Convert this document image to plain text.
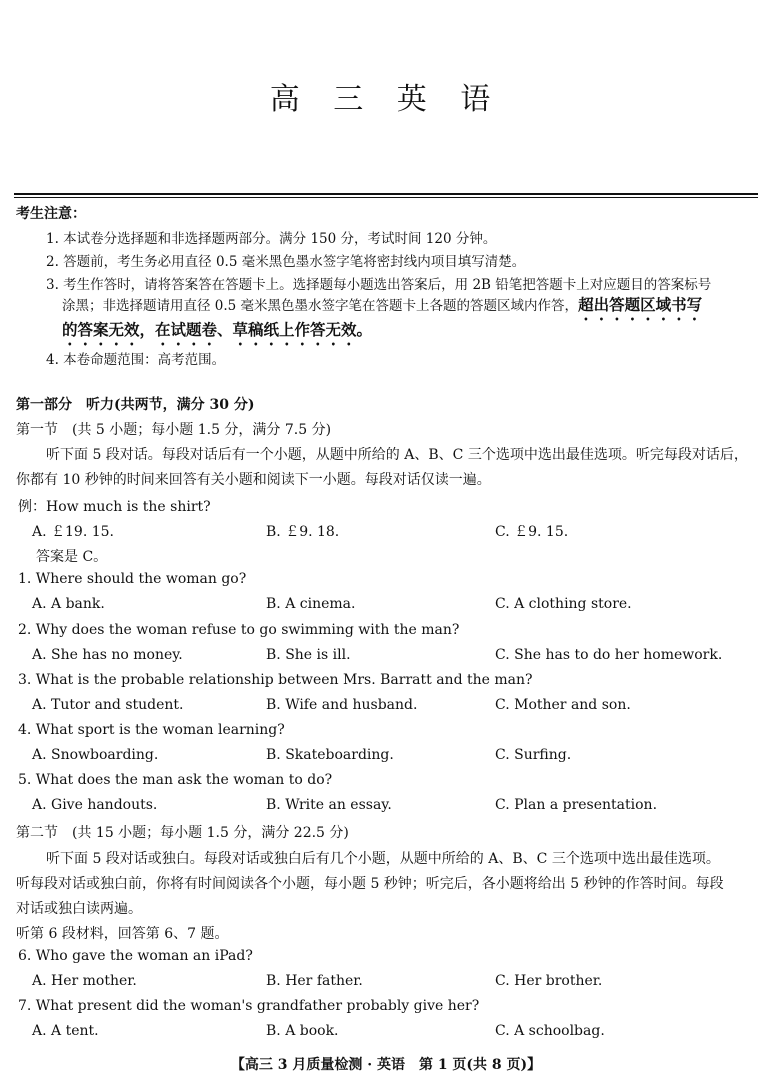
高 三 英 语
考生注意：
1. 本试卷分选择题和非选择题两部分。满分 150 分，考试时间 120 分钟。
2. 答题前，考生务必用直径 0.5 毫米黑色墨水签字笔将密封线内项目填写清楚。
3. 考生作答时，请将答案答在答题卡上。选择题每小题选出答案后，用 2B 铅笔把答题卡上对应题目的答案标号
涂黑；非选择题请用直径 0.5 毫米黑色墨水签字笔在答题卡上各题的答题区域内作答，超出答题区域书写
的答案无效，在试题卷、草稿纸上作答无效。
4. 本卷命题范围：高考范围。
第一部分　听力(共两节，满分 30 分)
第一节　(共 5 小题；每小题 1.5 分，满分 7.5 分)
听下面 5 段对话。每段对话后有一个小题，从题中所给的 A、B、C 三个选项中选出最佳选项。听完每段对话后，
你都有 10 秒钟的时间来回答有关小题和阅读下一小题。每段对话仅读一遍。
例：How much is the shirt?
A. ￡19. 15.	B. ￡9. 18.	C. ￡9. 15.
答案是 C。
1. Where should the woman go?
A. A bank.	B. A cinema.	C. A clothing store.
2. Why does the woman refuse to go swimming with the man?
A. She has no money.	B. She is ill.	C. She has to do her homework.
3. What is the probable relationship between Mrs. Barratt and the man?
A. Tutor and student.	B. Wife and husband.	C. Mother and son.
4. What sport is the woman learning?
A. Snowboarding.	B. Skateboarding.	C. Surfing.
5. What does the man ask the woman to do?
A. Give handouts.	B. Write an essay.	C. Plan a presentation.
第二节　(共 15 小题；每小题 1.5 分，满分 22.5 分)
听下面 5 段对话或独白。每段对话或独白后有几个小题，从题中所给的 A、B、C 三个选项中选出最佳选项。
听每段对话或独白前，你将有时间阅读各个小题，每小题 5 秒钟；听完后，各小题将给出 5 秒钟的作答时间。每段
对话或独白读两遍。
听第 6 段材料，回答第 6、7 题。
6. Who gave the woman an iPad?
A. Her mother.	B. Her father.	C. Her brother.
7. What present did the woman's grandfather probably give her?
A. A tent.	B. A book.	C. A schoolbag.
【高三 3 月质量检测 · 英语　第 1 页(共 8 页)】
